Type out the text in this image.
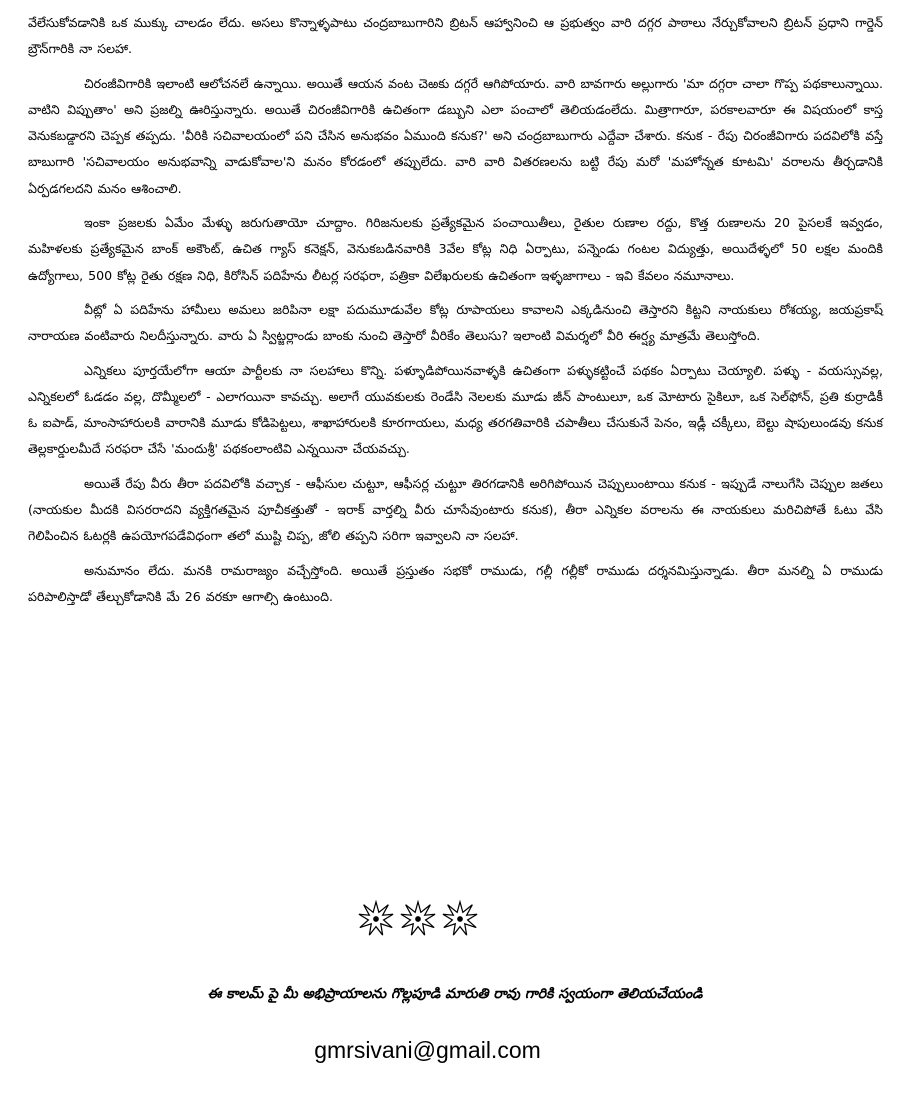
వేలేసుకోవడానికి ఒక ముక్కు చాలడం లేదు. అసలు కొన్నాళ్ళపాటు చంద్రబాబుగారిని బ్రిటన్ ఆహ్వానించి ఆ ప్రభుత్వం వారి దగ్గర పాఠాలు నేర్చుకోవాలని బ్రిటన్ ప్రధాని గార్డెన్ బ్రౌన్‌గారికి నా సలహా.

చిరంజీవిగారికి ఇలాంటి ఆలోచనలే ఉన్నాయి. అయితే ఆయన వంట చెఱకు దగ్గరే ఆగిపోయారు. వారి బావగారు అల్లుగారు 'మా దగ్గరా చాలా గొప్ప పథకాలున్నాయి. వాటిని విప్పుతాం' అని ప్రజల్ని ఊరిస్తున్నారు. అయితే చిరంజీవిగారికి ఉచితంగా డబ్బుని ఎలా పంచాలో తెలియడంలేదు. మిత్రాగారూ, పరకాలవారూ ఈ విషయంలో కాస్త వెనుకబడ్డారని చెప్పక తప్పదు. 'వీరికి సచివాలయంలో పని చేసిన అనుభవం ఏముంది కనుక?' అని చంద్రబాబుగారు ఎద్దేవా చేశారు. కనుక - రేపు చిరంజీవిగారు పదవిలోకి వస్తే బాబుగారి 'సచివాలయం అనుభవాన్ని వాడుకోవాల'ని మనం కోరడంలో తప్పులేదు. వారి వారి వితరణలను బట్టి రేపు మరో 'మహోన్నత కూటమి' వరాలను తీర్చడానికి ఏర్పడగలదని మనం ఆశించాలి.

ఇంకా ప్రజలకు ఏమేం మేళ్ళు జరుగుతాయో చూద్దాం. గిరిజనులకు ప్రత్యేకమైన పంచాయితీలు, రైతుల రుణాల రద్దు, కొత్త రుణాలను 20 పైసలకే ఇవ్వడం, మహిళలకు ప్రత్యేకమైన బాంక్ అకౌంట్, ఉచిత గ్యాస్ కనెక్షన్, వెనుకబడినవారికి 3వేల కోట్ల నిధి ఏర్పాటు, పన్నెండు గంటల విద్యుత్తు, అయిదేళ్ళలో 50 లక్షల మందికి ఉద్యోగాలు, 500 కోట్ల రైతు రక్షణ నిధి, కిరోసిన్ పదిహేను లీటర్ల సరఫరా, పత్రికా విలేఖరులకు ఉచితంగా ఇళ్ళజాగాలు - ఇవి కేవలం నమూనాలు.

వీట్లో ఏ పదిహేను హామీలు అమలు జరిపినా లక్షా పదుమూడువేల కోట్ల రూపాయలు కావాలని ఎక్కడినుంచి తెస్తారని కిట్టని నాయకులు రోశయ్య, జయప్రకాష్ నారాయణ వంటివారు నిలదీస్తున్నారు. వారు ఏ స్విట్జర్లాండు బాంకు నుంచి తెస్తారో వీరికేం తెలుసు? ఇలాంటి విమర్శలో వీరి ఈర్ష్య మాత్రమే తెలుస్తోంది.

ఎన్నికలు పూర్తయేలోగా ఆయా పార్టీలకు నా సలహాలు కొన్ని. పళ్ళూడిపోయినవాళ్ళకి ఉచితంగా పళ్ళుకట్టించే పథకం ఏర్పాటు చెయ్యాలి. పళ్ళు - వయస్సువల్ల, ఎన్నికలలో ఓడడం వల్ల, దొమ్మీలలో - ఎలాగయినా కావచ్చు. అలాగే యువకులకు రెండేసి నెలలకు మూడు జీన్ పాంటులూ, ఒక మోటారు సైకిలూ, ఒక సెల్‌ఫోన్, ప్రతి కుర్రాడికీ ఓ ఐపాడ్, మాంసాహారులకి వారానికి మూడు కోడిపెట్టలు, శాఖాహారులకి కూరగాయలు, మధ్య తరగతివారికి చపాతీలు చేసుకునే పెనం, ఇడ్లీ చక్కీలు, బెల్టు షాపులుండవు కనుక తెల్లకార్డులమీదే సరఫరా చేసే 'మందుశ్రీ' పథకంలాంటివి ఎన్నయినా చేయవచ్చు.

అయితే రేపు వీరు తీరా పదవిలోకి వచ్చాక - ఆఫీసుల చుట్టూ, ఆఫీసర్ల చుట్టూ తిరగడానికి అరిగిపోయిన చెప్పులుంటాయి కనుక - ఇప్పుడే నాలుగేసి చెప్పుల జతలు (నాయకుల మీదకి విసరరాదని వ్యక్తిగతమైన పూచీకత్తుతో - ఇరాక్ వార్తల్ని వీరు చూసేవుంటారు కనుక), తీరా ఎన్నికల వరాలను ఈ నాయకులు మరిచిపోతే ఓటు వేసి గెలిపించిన ఓటర్లకి ఉపయోగపడేవిధంగా తలో ముష్టి చిప్ప, జోలి తప్పని సరిగా ఇవ్వాలని నా సలహా.

అనుమానం లేదు. మనకి రామరాజ్యం వచ్చేస్తోంది. అయితే ప్రస్తుతం సభకో రాముడు, గల్లీ గల్లీకో రాముడు దర్శనమిస్తున్నాడు. తీరా మనల్ని ఏ రాముడు పరిపాలిస్తాడో తేల్చుకోడానికి మే 26 వరకూ ఆగాల్సి ఉంటుంది.

ఈ కాలమ్ పై మీ అభిప్రాయాలను గొల్లపూడి మారుతి రావు గారికి స్వయంగా తెలియచేయండి
gmrsivani@gmail.com
